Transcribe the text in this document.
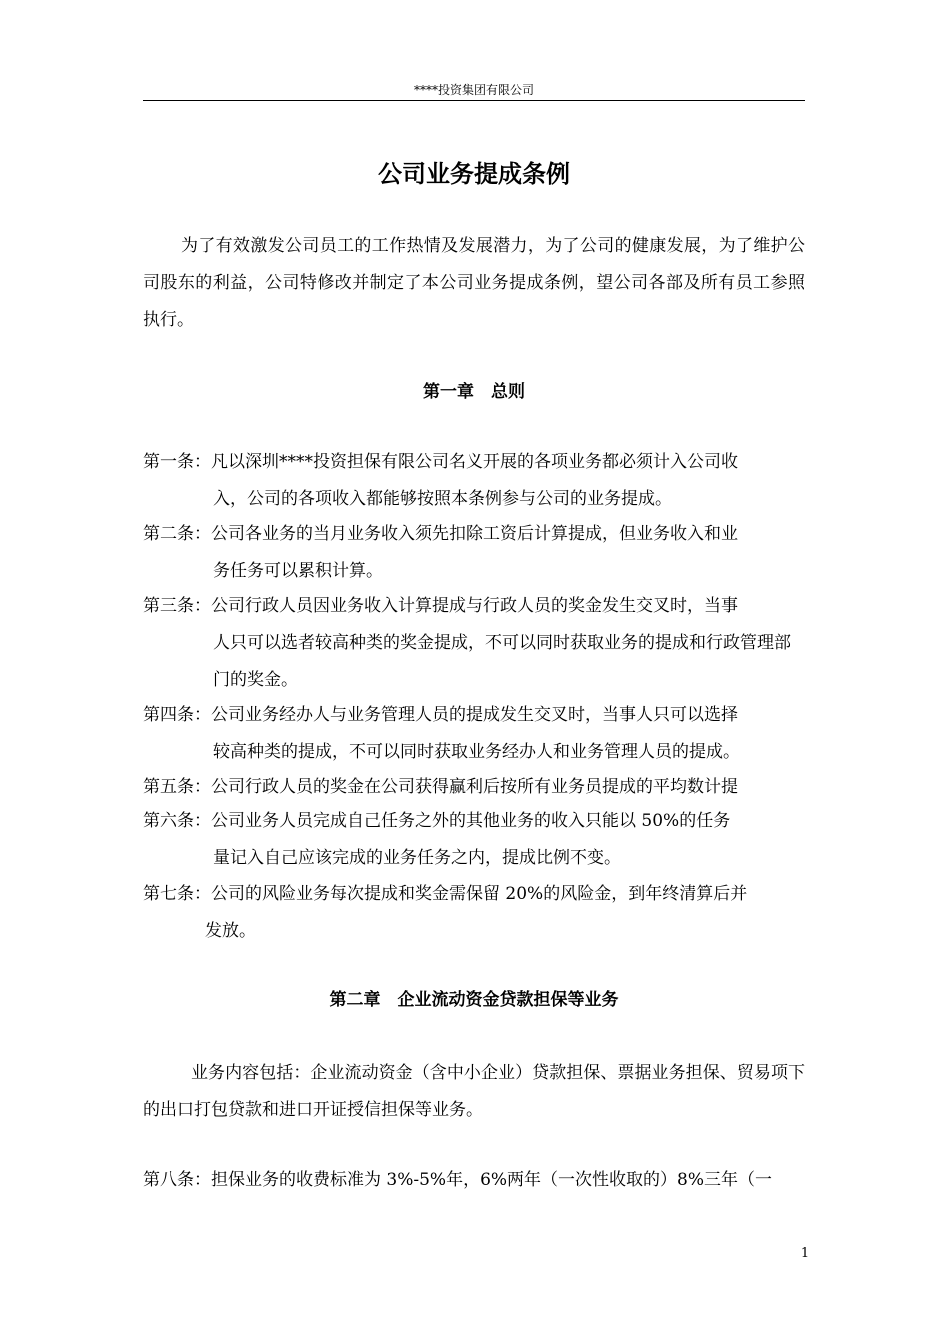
****投资集团有限公司
公司业务提成条例
为了有效激发公司员工的工作热情及发展潜力，为了公司的健康发展，为了维护公司股东的利益，公司特修改并制定了本公司业务提成条例，望公司各部及所有员工参照执行。
第一章　总则
第一条： 凡以深圳****投资担保有限公司名义开展的各项业务都必须计入公司收
入，公司的各项收入都能够按照本条例参与公司的业务提成。
第二条： 公司各业务的当月业务收入须先扣除工资后计算提成，但业务收入和业
务任务可以累积计算。
第三条： 公司行政人员因业务收入计算提成与行政人员的奖金发生交叉时，当事
人只可以选者较高种类的奖金提成，不可以同时获取业务的提成和行政管理部门的奖金。
第四条： 公司业务经办人与业务管理人员的提成发生交叉时，当事人只可以选择
较高种类的提成，不可以同时获取业务经办人和业务管理人员的提成。
第五条： 公司行政人员的奖金在公司获得赢利后按所有业务员提成的平均数计提
第六条： 公司业务人员完成自己任务之外的其他业务的收入只能以 50%的任务
量记入自己应该完成的业务任务之内，提成比例不变。
第七条： 公司的风险业务每次提成和奖金需保留 20%的风险金，到年终清算后并
发放。
第二章　企业流动资金贷款担保等业务
业务内容包括：企业流动资金（含中小企业）贷款担保、票据业务担保、贸易项下的出口打包贷款和进口开证授信担保等业务。
第八条： 担保业务的收费标准为 3%-5%年，6%两年（一次性收取的）8%三年（一
1
